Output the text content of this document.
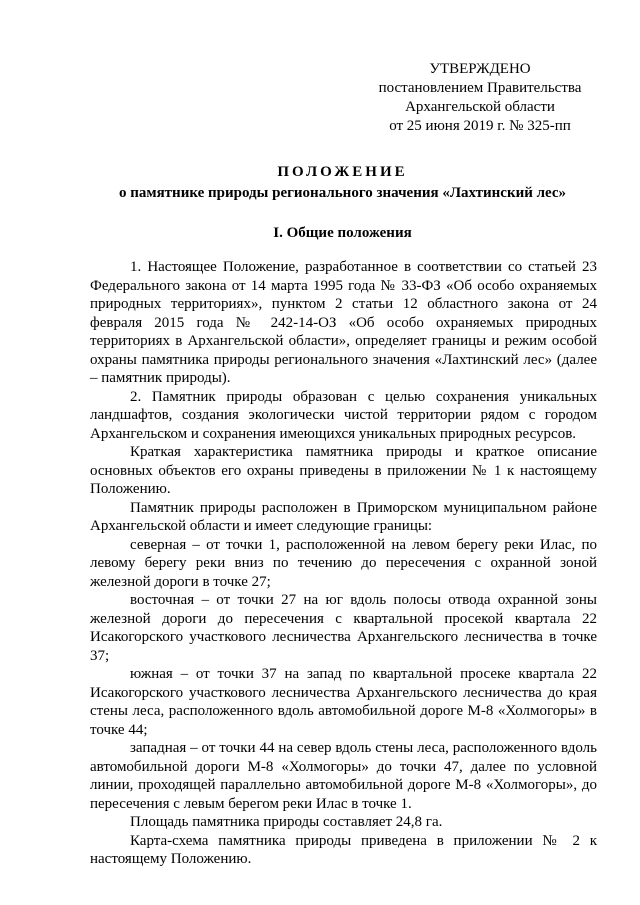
УТВЕРЖДЕНО
постановлением Правительства
Архангельской области
от 25 июня 2019 г. № 325-пп

ПОЛОЖЕНИЕ

о памятнике природы регионального значения «Лахтинский лес»

I. Общие положения

1. Настоящее Положение, разработанное в соответствии со статьей 23 Федерального закона от 14 марта 1995 года № 33-ФЗ «Об особо охраняемых природных территориях», пунктом 2 статьи 12 областного закона от 24 февраля 2015 года № 242-14-ОЗ «Об особо охраняемых природных территориях в Архангельской области», определяет границы и режим особой охраны памятника природы регионального значения «Лахтинский лес» (далее – памятник природы).

2. Памятник природы образован с целью сохранения уникальных ландшафтов, создания экологически чистой территории рядом с городом Архангельском и сохранения имеющихся уникальных природных ресурсов.

Краткая характеристика памятника природы и краткое описание основных объектов его охраны приведены в приложении № 1 к настоящему Положению.

Памятник природы расположен в Приморском муниципальном районе Архангельской области и имеет следующие границы:

северная – от точки 1, расположенной на левом берегу реки Илас, по левому берегу реки вниз по течению до пересечения с охранной зоной железной дороги в точке 27;

восточная – от точки 27 на юг вдоль полосы отвода охранной зоны железной дороги до пересечения с квартальной просекой квартала 22 Исакогорского участкового лесничества Архангельского лесничества в точке 37;

южная – от точки 37 на запад по квартальной просеке квартала 22 Исакогорского участкового лесничества Архангельского лесничества до края стены леса, расположенного вдоль автомобильной дороге М-8 «Холмогоры» в точке 44;

западная – от точки 44 на север вдоль стены леса, расположенного вдоль автомобильной дороги М-8 «Холмогоры» до точки 47, далее по условной линии, проходящей параллельно автомобильной дороге М-8 «Холмогоры», до пересечения с левым берегом реки Илас в точке 1.

Площадь памятника природы составляет 24,8 га.

Карта-схема памятника природы приведена в приложении № 2 к настоящему Положению.
